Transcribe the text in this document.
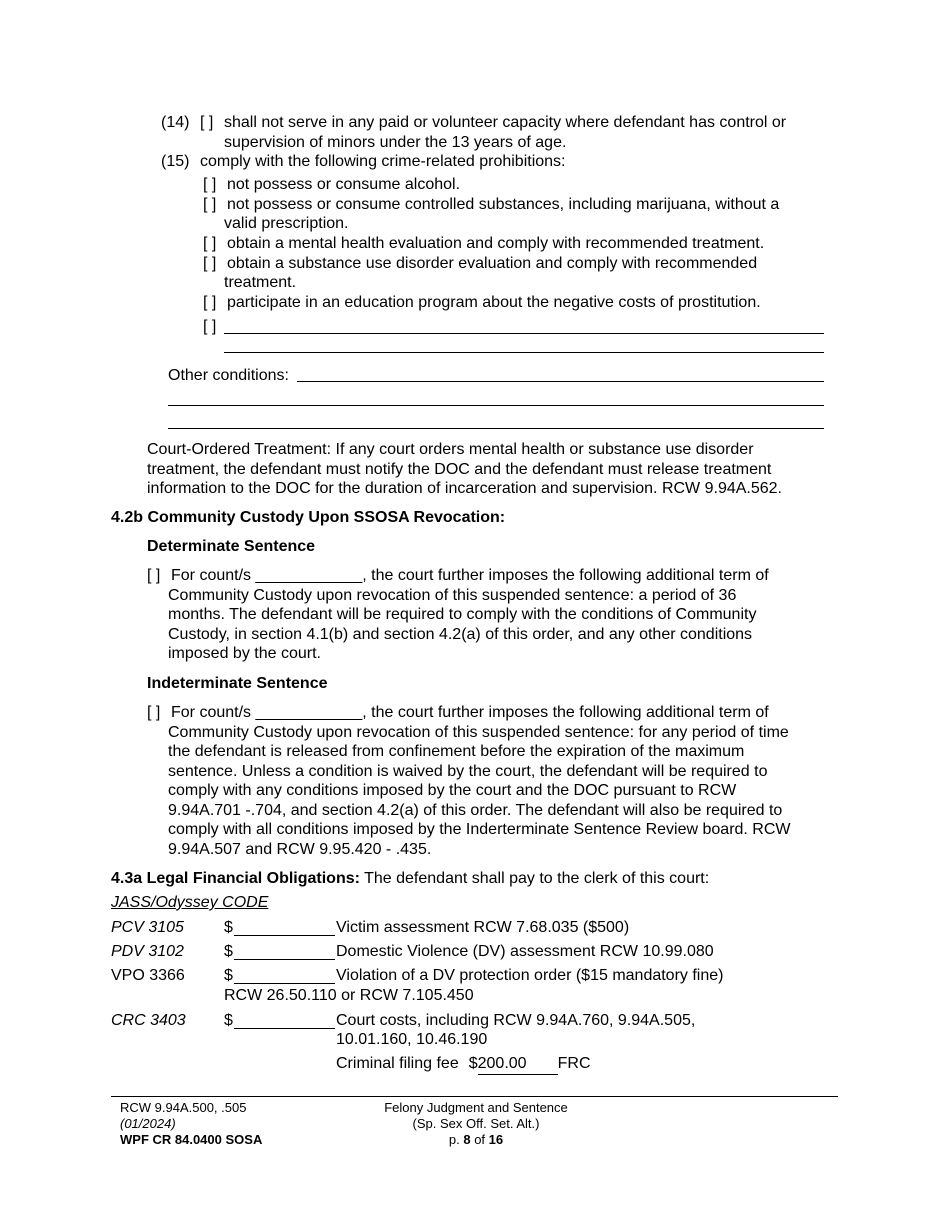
(14) [ ] shall not serve in any paid or volunteer capacity where defendant has control or
supervision of minors under the 13 years of age.
(15) comply with the following crime-related prohibitions:
[ ] not possess or consume alcohol.
[ ] not possess or consume controlled substances, including marijuana, without a
valid prescription.
[ ] obtain a mental health evaluation and comply with recommended treatment.
[ ] obtain a substance use disorder evaluation and comply with recommended
treatment.
[ ] participate in an education program about the negative costs of prostitution.
[ ]
Other conditions:
Court-Ordered Treatment: If any court orders mental health or substance use disorder
treatment, the defendant must notify the DOC and the defendant must release treatment
information to the DOC for the duration of incarceration and supervision. RCW 9.94A.562.
4.2b Community Custody Upon SSOSA Revocation:
Determinate Sentence
[ ] For count/s ____________, the court further imposes the following additional term of
Community Custody upon revocation of this suspended sentence: a period of 36
months. The defendant will be required to comply with the conditions of Community
Custody, in section 4.1(b) and section 4.2(a) of this order, and any other conditions
imposed by the court.
Indeterminate Sentence
[ ] For count/s ____________, the court further imposes the following additional term of
Community Custody upon revocation of this suspended sentence: for any period of time
the defendant is released from confinement before the expiration of the maximum
sentence. Unless a condition is waived by the court, the defendant will be required to
comply with any conditions imposed by the court and the DOC pursuant to RCW
9.94A.701 -.704, and section 4.2(a) of this order. The defendant will also be required to
comply with all conditions imposed by the Inderterminate Sentence Review board. RCW
9.94A.507 and RCW 9.95.420 - .435.
4.3a Legal Financial Obligations: The defendant shall pay to the clerk of this court:
JASS/Odyssey CODE
PCV 3105	$	Victim assessment RCW 7.68.035 ($500)
PDV 3102	$	Domestic Violence (DV) assessment RCW 10.99.080
VPO 3366 $	Violation of a DV protection order ($15 mandatory fine)
RCW 26.50.110 or RCW 7.105.450
CRC 3403 $	Court costs, including RCW 9.94A.760, 9.94A.505,
10.01.160, 10.46.190
Criminal filing fee $200.00 FRC
RCW 9.94A.500, .505
(01/2024)
WPF CR 84.0400 SOSA
Felony Judgment and Sentence
(Sp. Sex Off. Set. Alt.)
p. 8 of 16
